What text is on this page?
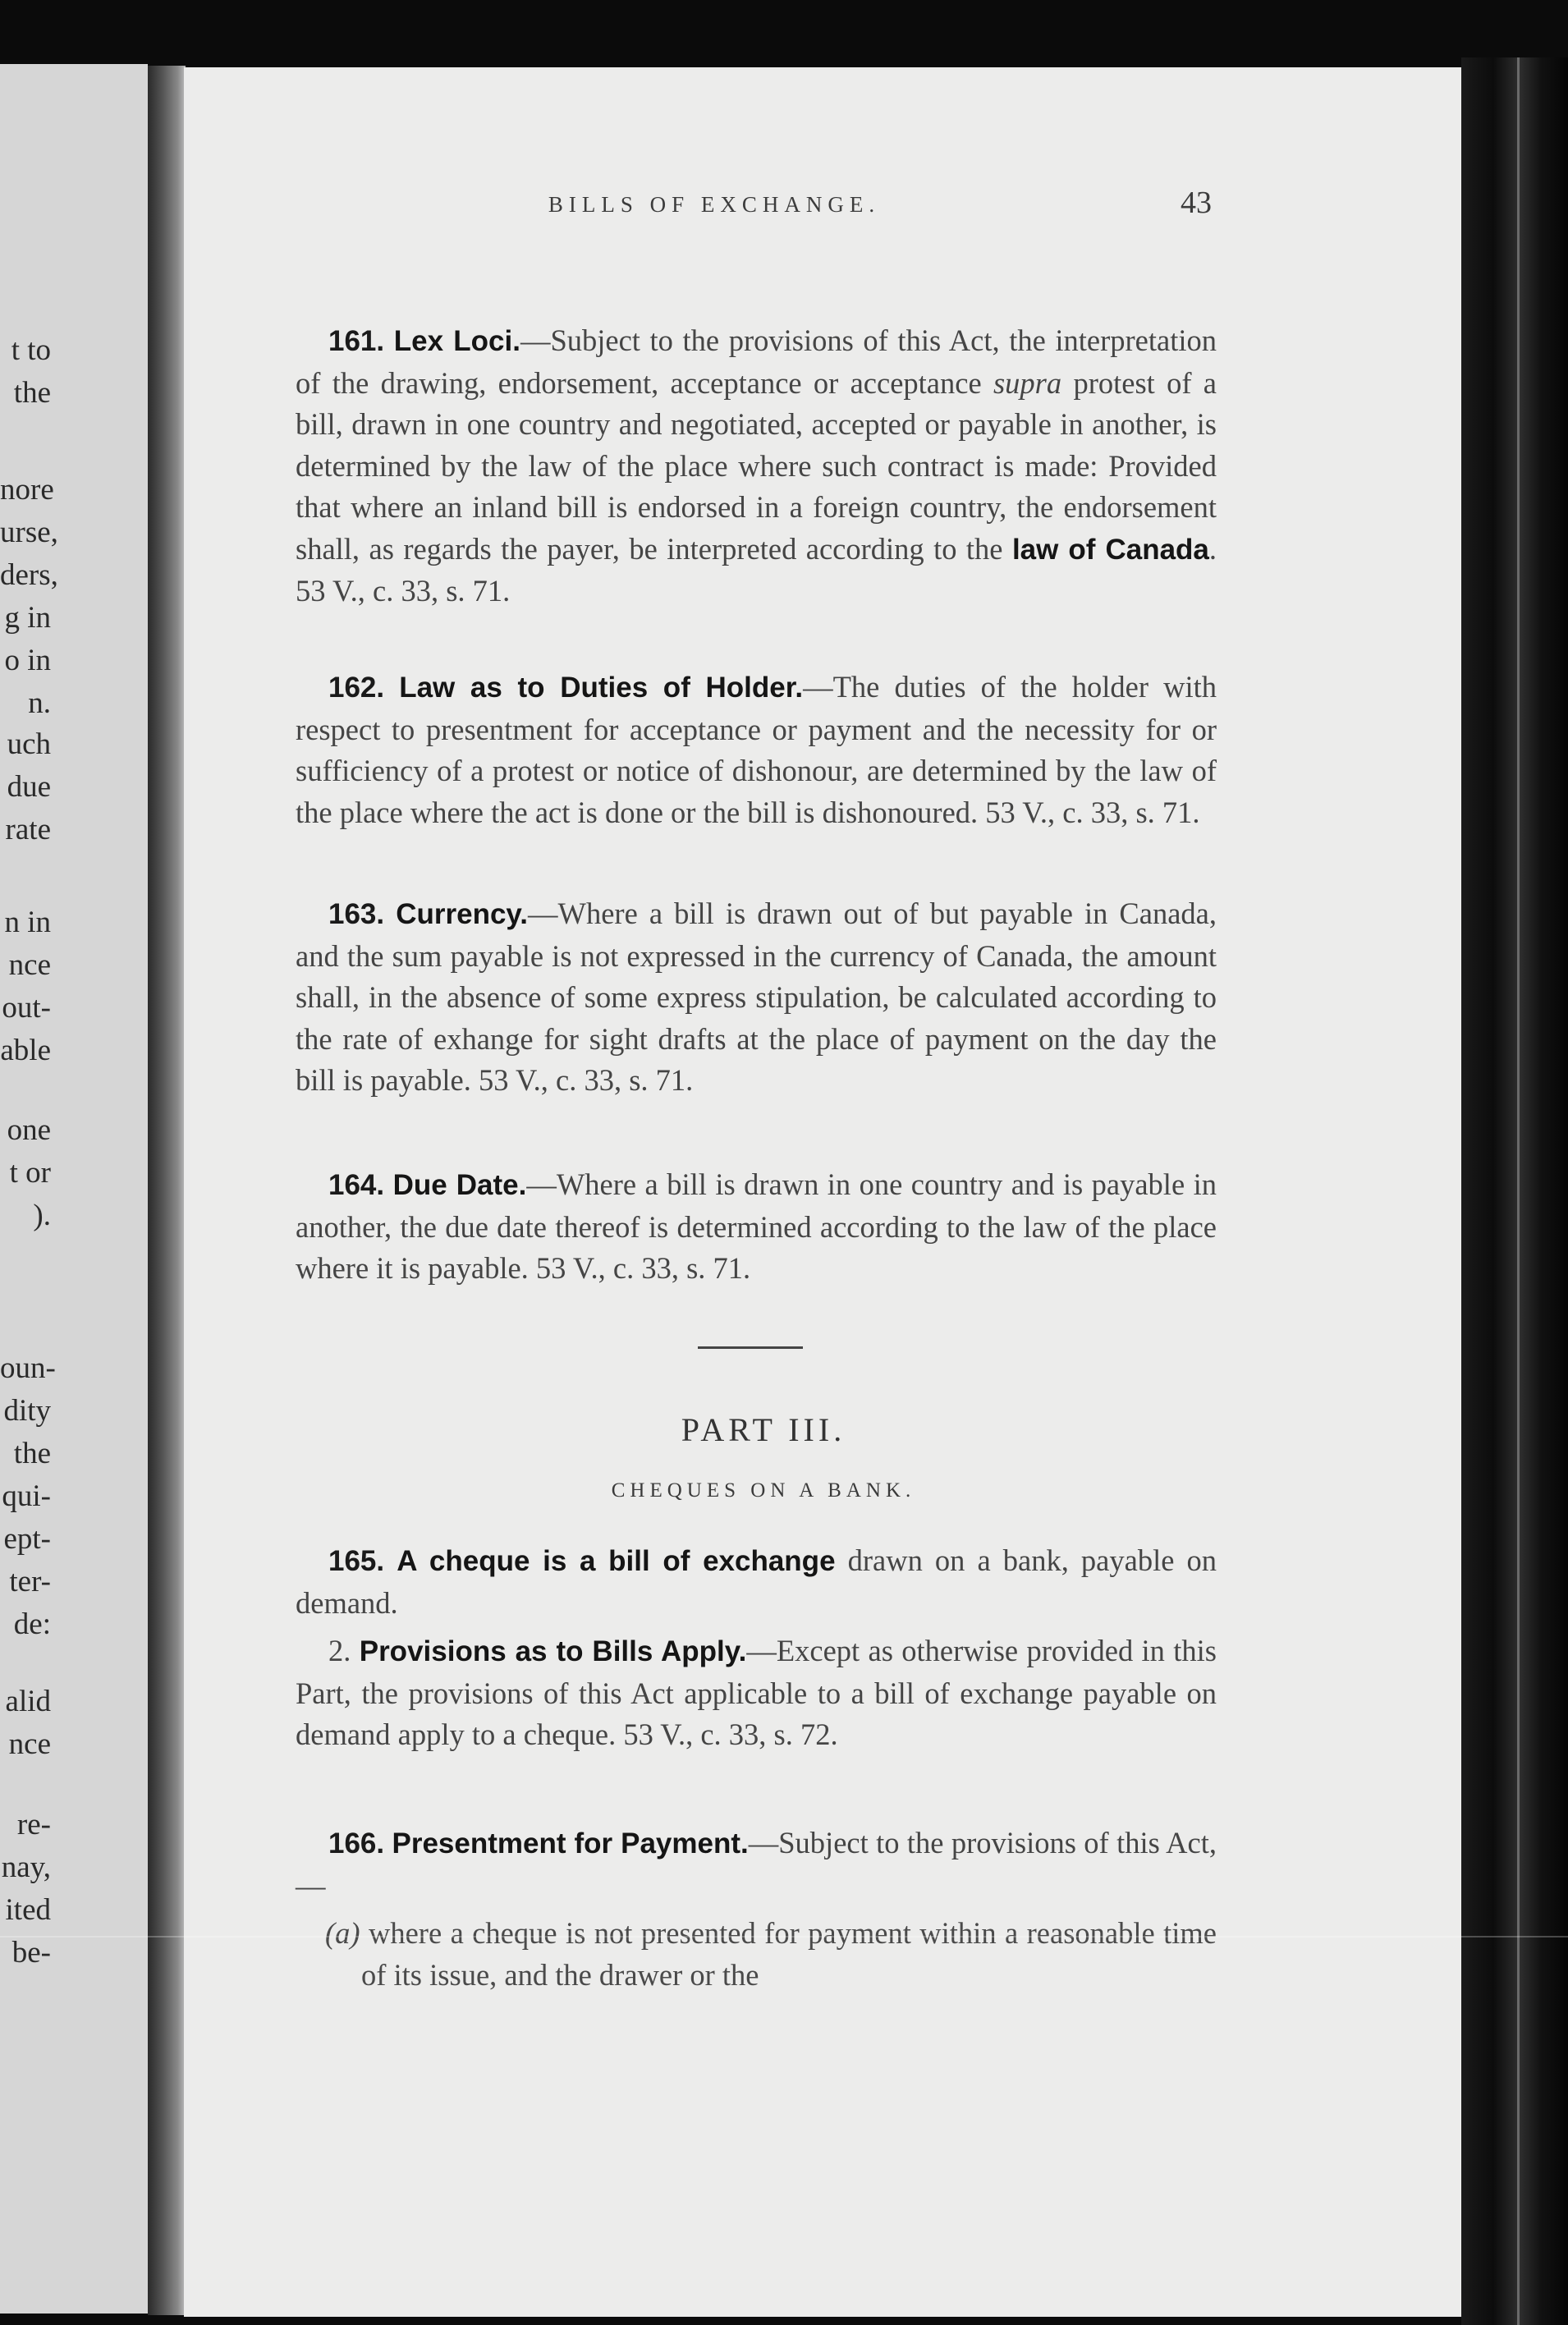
t to
the
nore
urse,
ders,
g in
o in
n.
uch
due
rate
n in
nce
out-
able
one
t or
).
oun-
dity
the
qui-
ept-
ter-
de:
alid
nce
re-
nay,
ited
be-
BILLS OF EXCHANGE.	43

161. Lex Loci.—Subject to the provisions of this Act, the interpretation of the drawing, endorsement, acceptance or acceptance supra protest of a bill, drawn in one country and negotiated, accepted or payable in another, is determined by the law of the place where such contract is made: Provided that where an inland bill is endorsed in a foreign country, the endorsement shall, as regards the payer, be interpreted according to the law of Canada. 53 V., c. 33, s. 71.

162. Law as to Duties of Holder.—The duties of the holder with respect to presentment for acceptance or payment and the necessity for or sufficiency of a protest or notice of dishonour, are determined by the law of the place where the act is done or the bill is dishonoured. 53 V., c. 33, s. 71.

163. Currency.—Where a bill is drawn out of but payable in Canada, and the sum payable is not expressed in the currency of Canada, the amount shall, in the absence of some express stipulation, be calculated according to the rate of exhange for sight drafts at the place of payment on the day the bill is payable. 53 V., c. 33, s. 71.

164. Due Date.—Where a bill is drawn in one country and is payable in another, the due date thereof is determined according to the law of the place where it is payable. 53 V., c. 33, s. 71.

PART III.
CHEQUES ON A BANK.

165. A cheque is a bill of exchange drawn on a bank, payable on demand.

2. Provisions as to Bills Apply.—Except as otherwise provided in this Part, the provisions of this Act applicable to a bill of exchange payable on demand apply to a cheque. 53 V., c. 33, s. 72.

166. Presentment for Payment.—Subject to the provisions of this Act,—

(a) where a cheque is not presented for payment within a reasonable time of its issue, and the drawer or the
